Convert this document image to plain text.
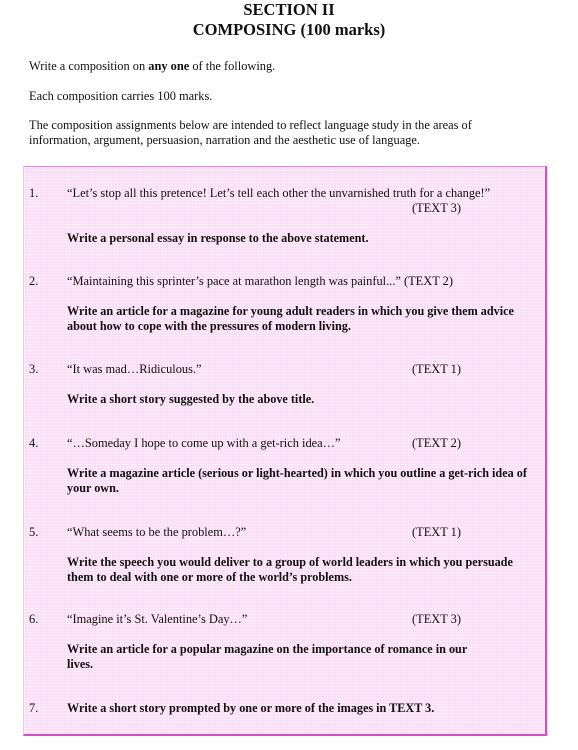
SECTION II
COMPOSING (100 marks)
Write a composition on any one of the following.
Each composition carries 100 marks.
The composition assignments below are intended to reflect language study in the areas of information, argument, persuasion, narration and the aesthetic use of language.
1. “Let’s stop all this pretence! Let’s tell each other the unvarnished truth for a change!”
(TEXT 3)
Write a personal essay in response to the above statement.
2. “Maintaining this sprinter’s pace at marathon length was painful...” (TEXT 2)
Write an article for a magazine for young adult readers in which you give them advice about how to cope with the pressures of modern living.
3. “It was mad…Ridiculous.”	(TEXT 1)
Write a short story suggested by the above title.
4. “…Someday I hope to come up with a get-rich idea…”	(TEXT 2)
Write a magazine article (serious or light-hearted) in which you outline a get-rich idea of your own.
5. “What seems to be the problem…?”	(TEXT 1)
Write the speech you would deliver to a group of world leaders in which you persuade them to deal with one or more of the world’s problems.
6. “Imagine it’s St. Valentine’s Day…”	(TEXT 3)
Write an article for a popular magazine on the importance of romance in our lives.
7. Write a short story prompted by one or more of the images in TEXT 3.
